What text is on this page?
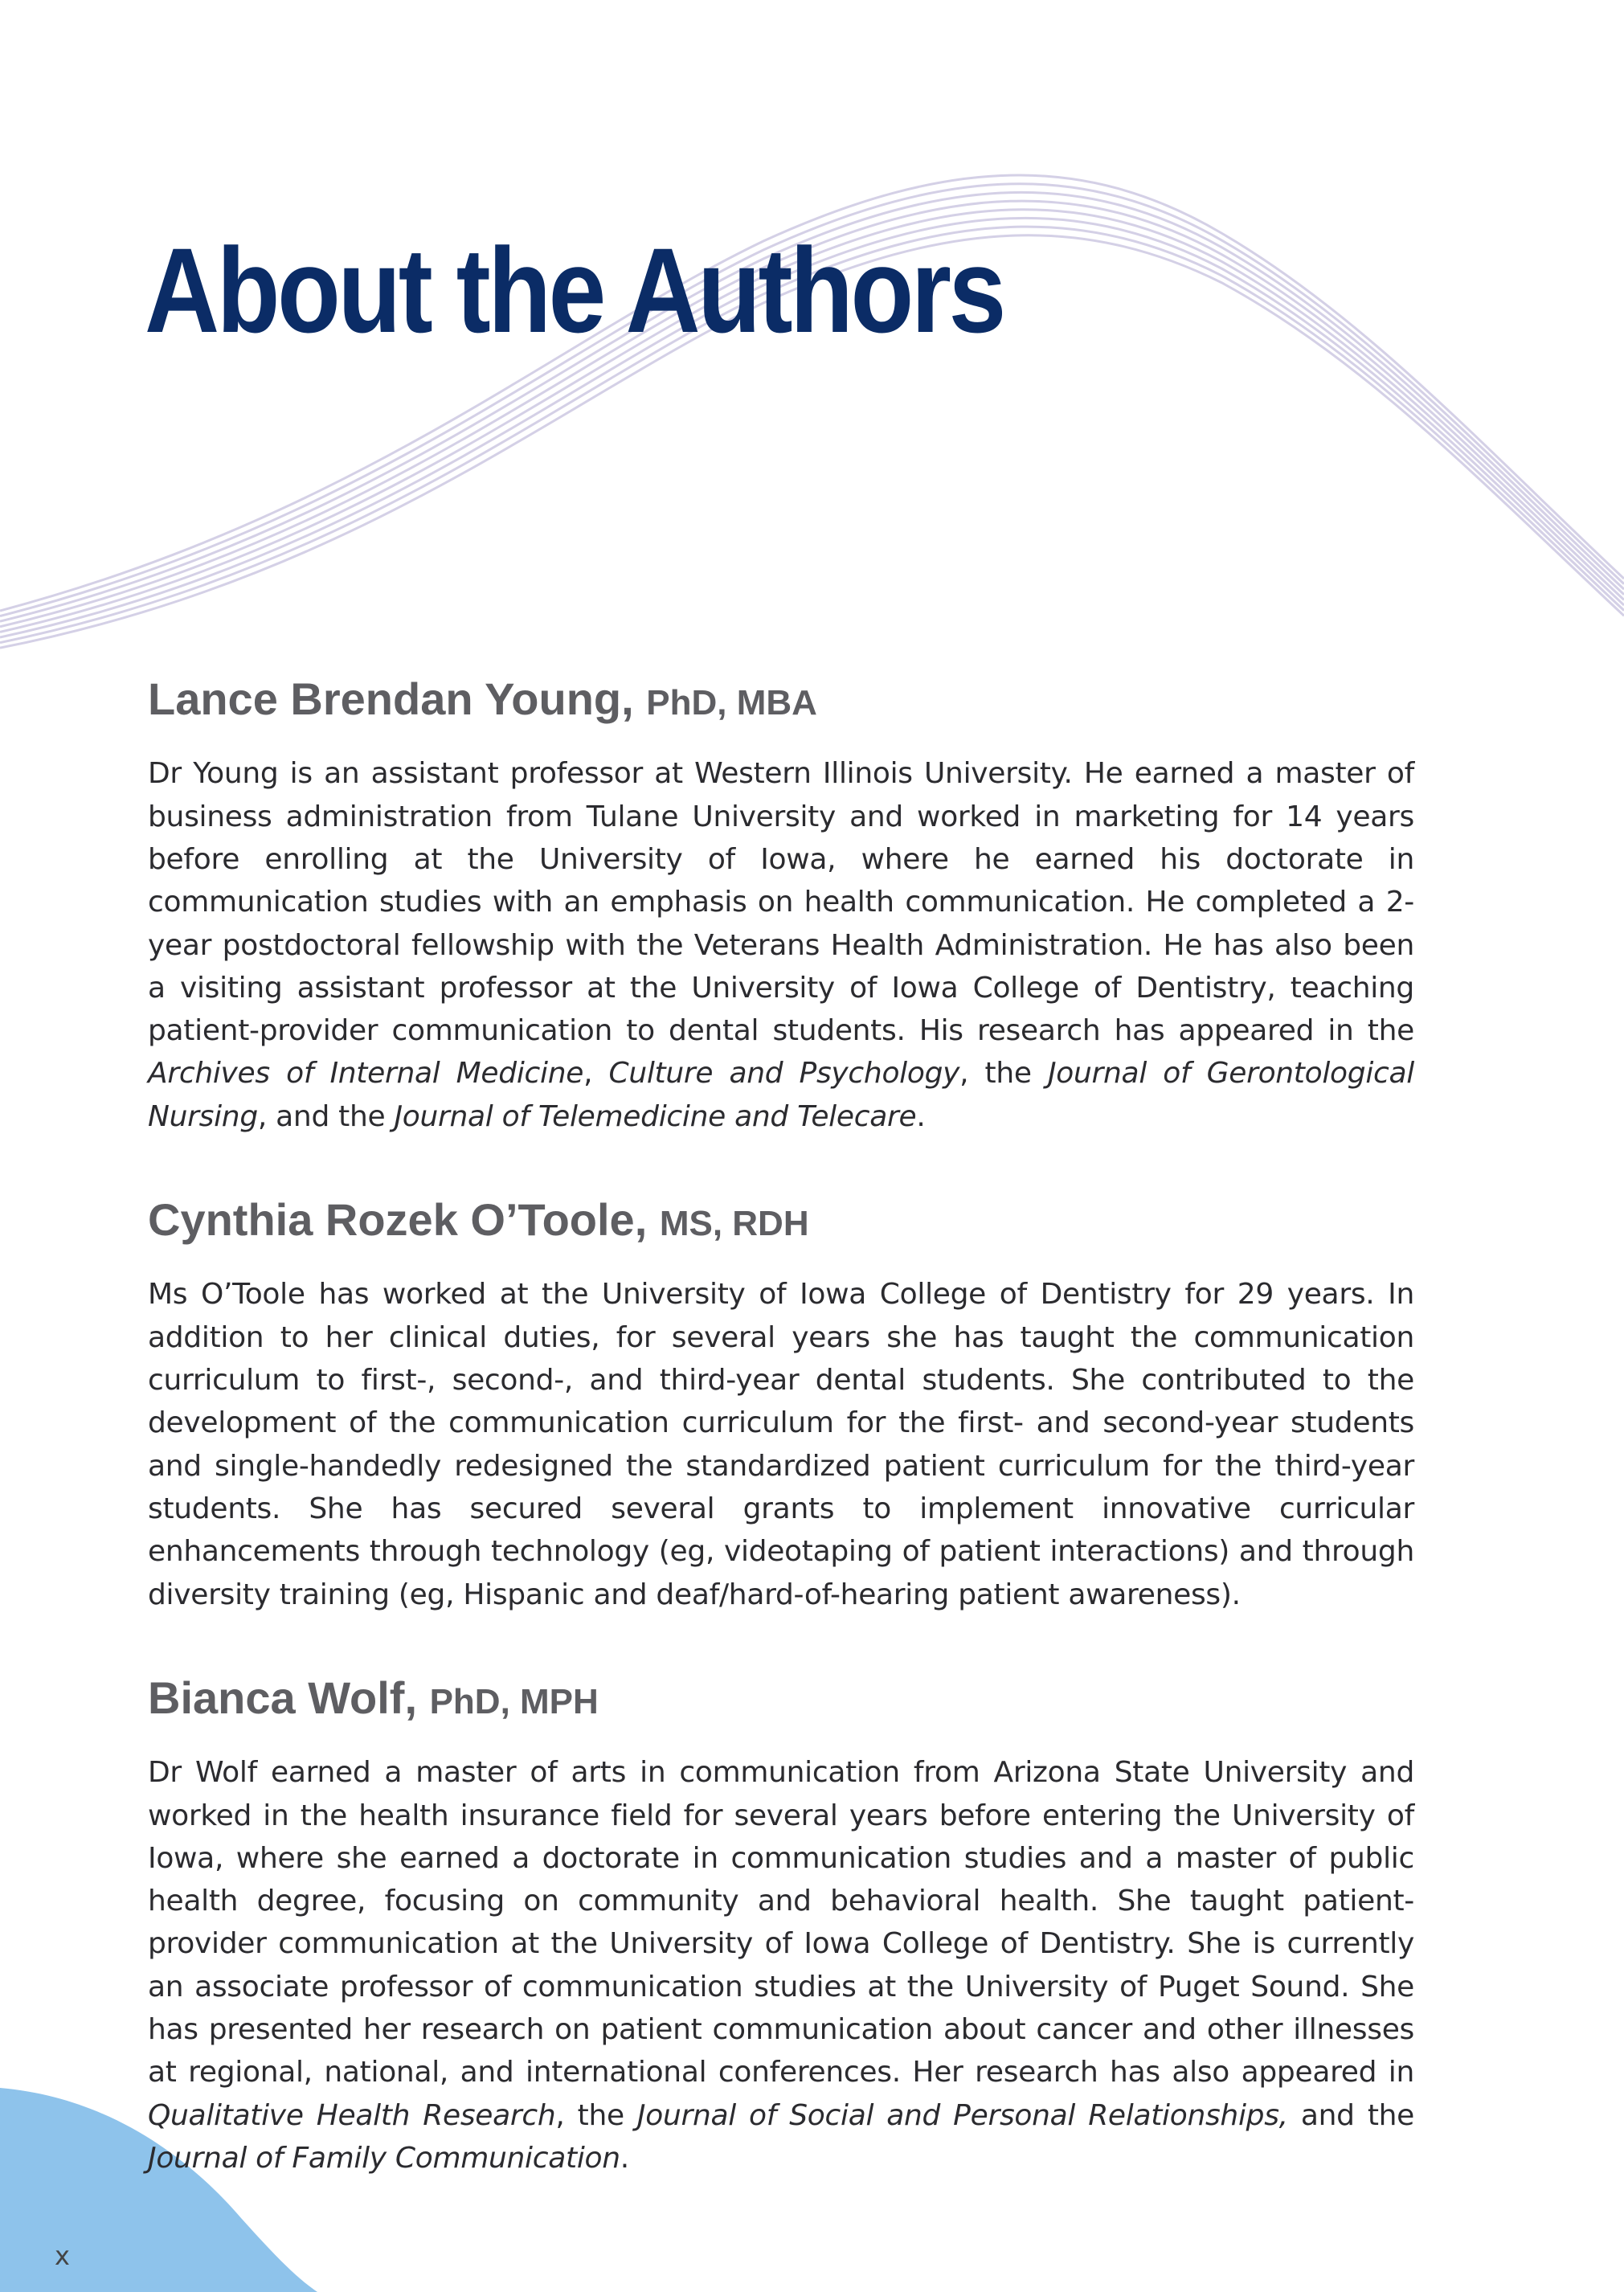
About the Authors
Lance Brendan Young, PhD, MBA

Dr Young is an assistant professor at Western Illinois University. He earned a master of business administration from Tulane University and worked in marketing for 14 years before enrolling at the University of Iowa, where he earned his doctorate in communication studies with an emphasis on health communication. He completed a 2-year postdoctoral fellowship with the Veterans Health Administration. He has also been a visiting assistant professor at the University of Iowa College of Dentistry, teaching patient-provider communication to dental students. His research has appeared in the Archives of Internal Medicine, Culture and Psychology, the Journal of Gerontological Nursing, and the Journal of Telemedicine and Telecare.

Cynthia Rozek O’Toole, MS, RDH

Ms O’Toole has worked at the University of Iowa College of Dentistry for 29 years. In addition to her clinical duties, for several years she has taught the communication curriculum to first-, second-, and third-year dental students. She contributed to the development of the communication curriculum for the first- and second-year students and single-handedly redesigned the standardized patient curriculum for the third-year students. She has secured several grants to implement innovative curricular enhancements through technology (eg, videotaping of patient interactions) and through diversity training (eg, Hispanic and deaf/hard-of-hearing patient awareness).

Bianca Wolf, PhD, MPH

Dr Wolf earned a master of arts in communication from Arizona State University and worked in the health insurance field for several years before entering the University of Iowa, where she earned a doctorate in communication studies and a master of public health degree, focusing on community and behavioral health. She taught patient-provider communication at the University of Iowa College of Dentistry. She is currently an associate professor of communication studies at the University of Puget Sound. She has presented her research on patient communication about cancer and other illnesses at regional, national, and international conferences. Her research has also appeared in Qualitative Health Research, the Journal of Social and Personal Relationships, and the Journal of Family Communication.

x
